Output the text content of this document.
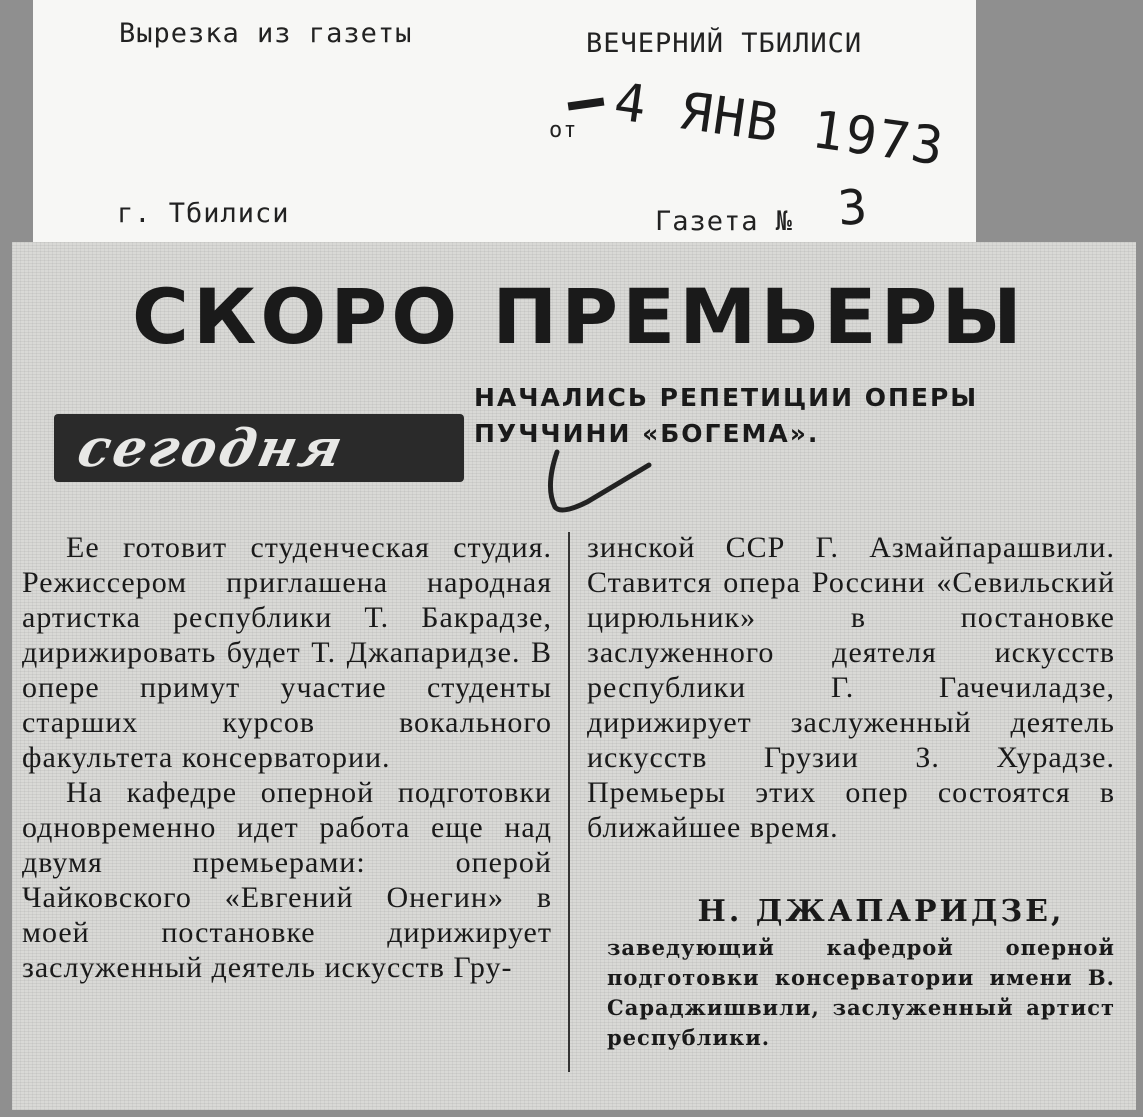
Вырезка из газеты	ВЕЧЕРНИЙ ТБИЛИСИ
от 4 ЯНВ 1973
г. Тбилиси	Газета № 3
СКОРО ПРЕМЬЕРЫ
сегодня
НАЧАЛИСЬ РЕПЕТИЦИИ ОПЕРЫ ПУЧЧИНИ «БОГЕМА».

Ее готовит студенческая студия. Режиссером приглашена народная артистка республики Т. Бакрадзе, дирижировать будет Т. Джапаридзе. В опере примут участие студенты старших курсов вокального факультета консерватории.

На кафедре оперной подготовки одновременно идет работа еще над двумя премьерами: оперой Чайковского «Евгений Онегин» в моей постановке дирижирует заслуженный деятель искусств Гру-

зинской ССР Г. Азмайпарашвили. Ставится опера Россини «Севильский цирюльник» в постановке заслуженного деятеля искусств республики Г. Гачечиладзе, дирижирует заслуженный деятель искусств Грузии З. Хурадзе. Премьеры этих опер состоятся в ближайшее время.

Н. ДЖАПАРИДЗЕ,
заведующий кафедрой оперной подготовки консерватории имени В. Сараджишвили, заслуженный артист республики.
